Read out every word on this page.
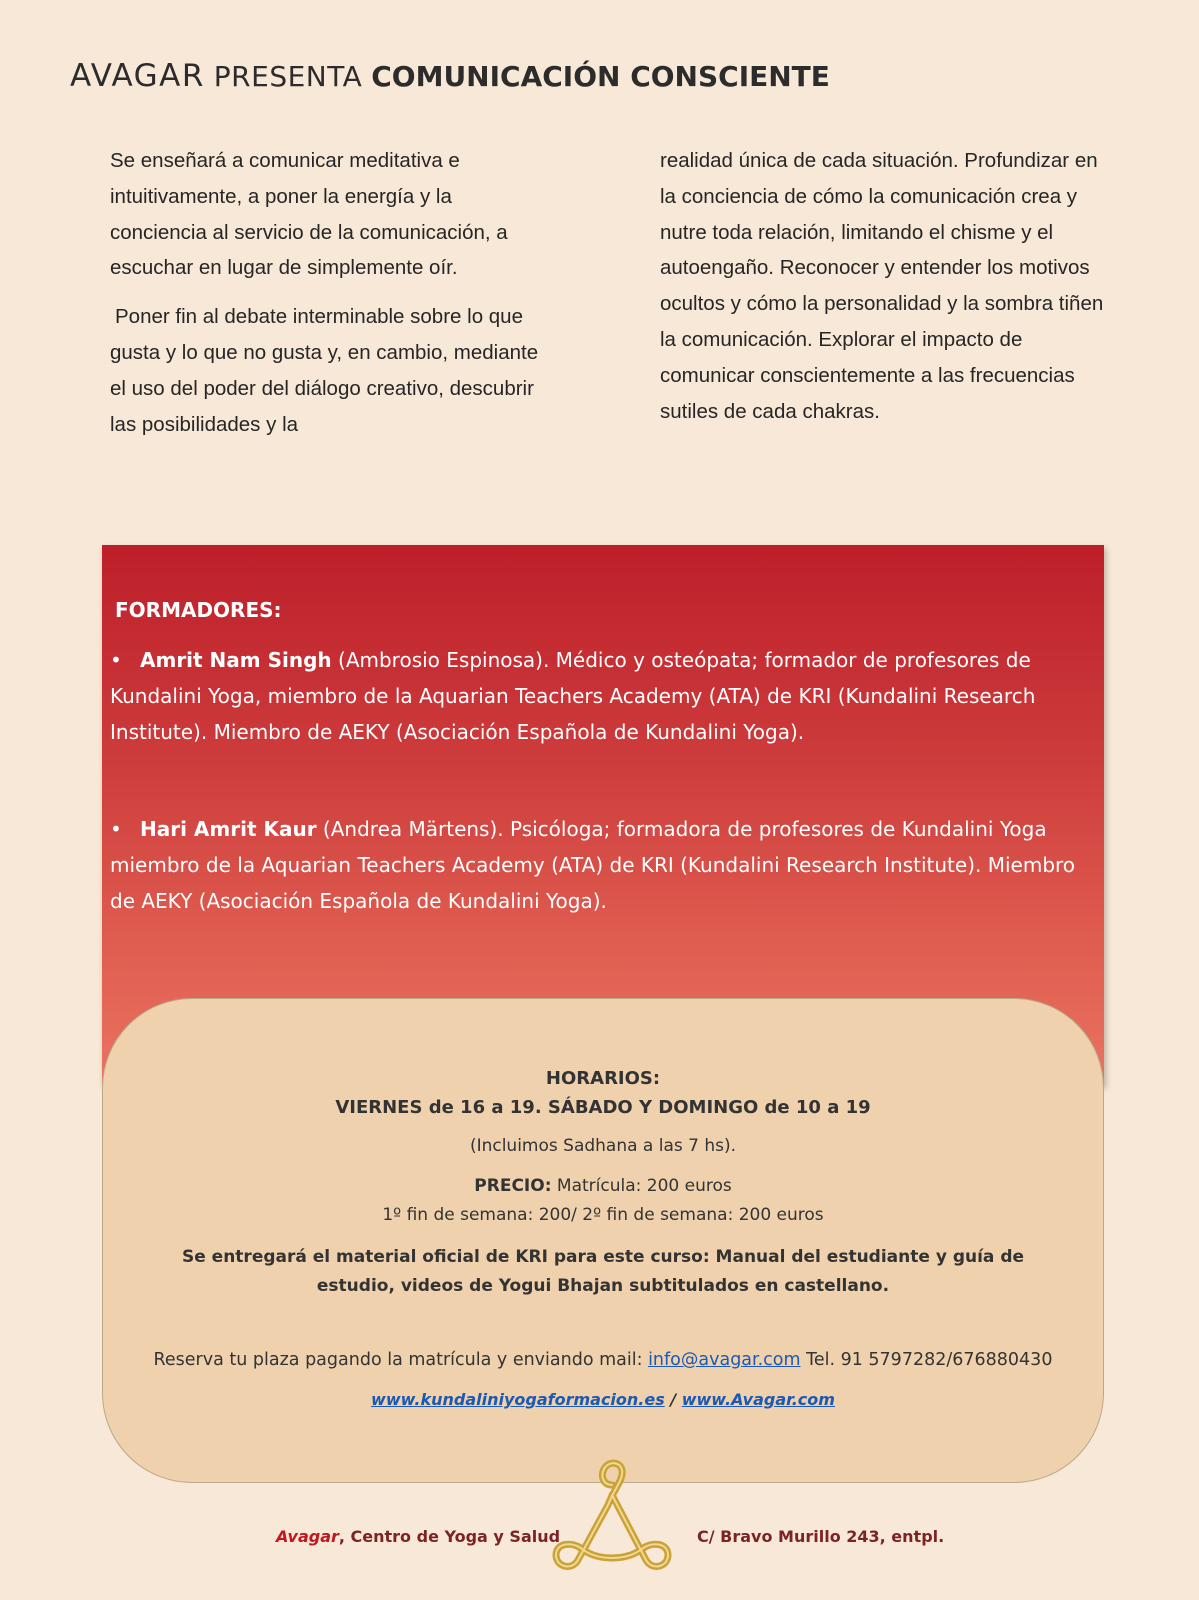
AVAGAR PRESENTA COMUNICACIÓN CONSCIENTE

Se enseñará a comunicar meditativa e intuitivamente, a poner la energía y la conciencia al servicio de la comunicación, a escuchar en lugar de simplemente oír.

Poner fin al debate interminable sobre lo que gusta y lo que no gusta y, en cambio, mediante el uso del poder del diálogo creativo, descubrir las posibilidades y la

realidad única de cada situación. Profundizar en la conciencia de cómo la comunicación crea y nutre toda relación, limitando el chisme y el autoengaño. Reconocer y entender los motivos ocultos y cómo la personalidad y la sombra tiñen la comunicación. Explorar el impacto de comunicar conscientemente a las frecuencias sutiles de cada chakras.

FORMADORES:
• Amrit Nam Singh (Ambrosio Espinosa). Médico y osteópata; formador de profesores de Kundalini Yoga, miembro de la Aquarian Teachers Academy (ATA) de KRI (Kundalini Research Institute). Miembro de AEKY (Asociación Española de Kundalini Yoga).
• Hari Amrit Kaur (Andrea Märtens). Psicóloga; formadora de profesores de Kundalini Yoga miembro de la Aquarian Teachers Academy (ATA) de KRI (Kundalini Research Institute). Miembro de AEKY (Asociación Española de Kundalini Yoga).
HORARIOS:
VIERNES de 16 a 19. SÁBADO Y DOMINGO de 10 a 19
(Incluimos Sadhana a las 7 hs).
PRECIO: Matrícula: 200 euros
1º fin de semana: 200/ 2º fin de semana: 200 euros
Se entregará el material oficial de KRI para este curso: Manual del estudiante y guía de estudio, videos de Yogui Bhajan subtitulados en castellano.
Reserva tu plaza pagando la matrícula y enviando mail: info@avagar.com Tel. 91 5797282/676880430
www.kundaliniyogaformacion.es / www.Avagar.com
Avagar, Centro de Yoga y Salud	C/ Bravo Murillo 243, entpl.
